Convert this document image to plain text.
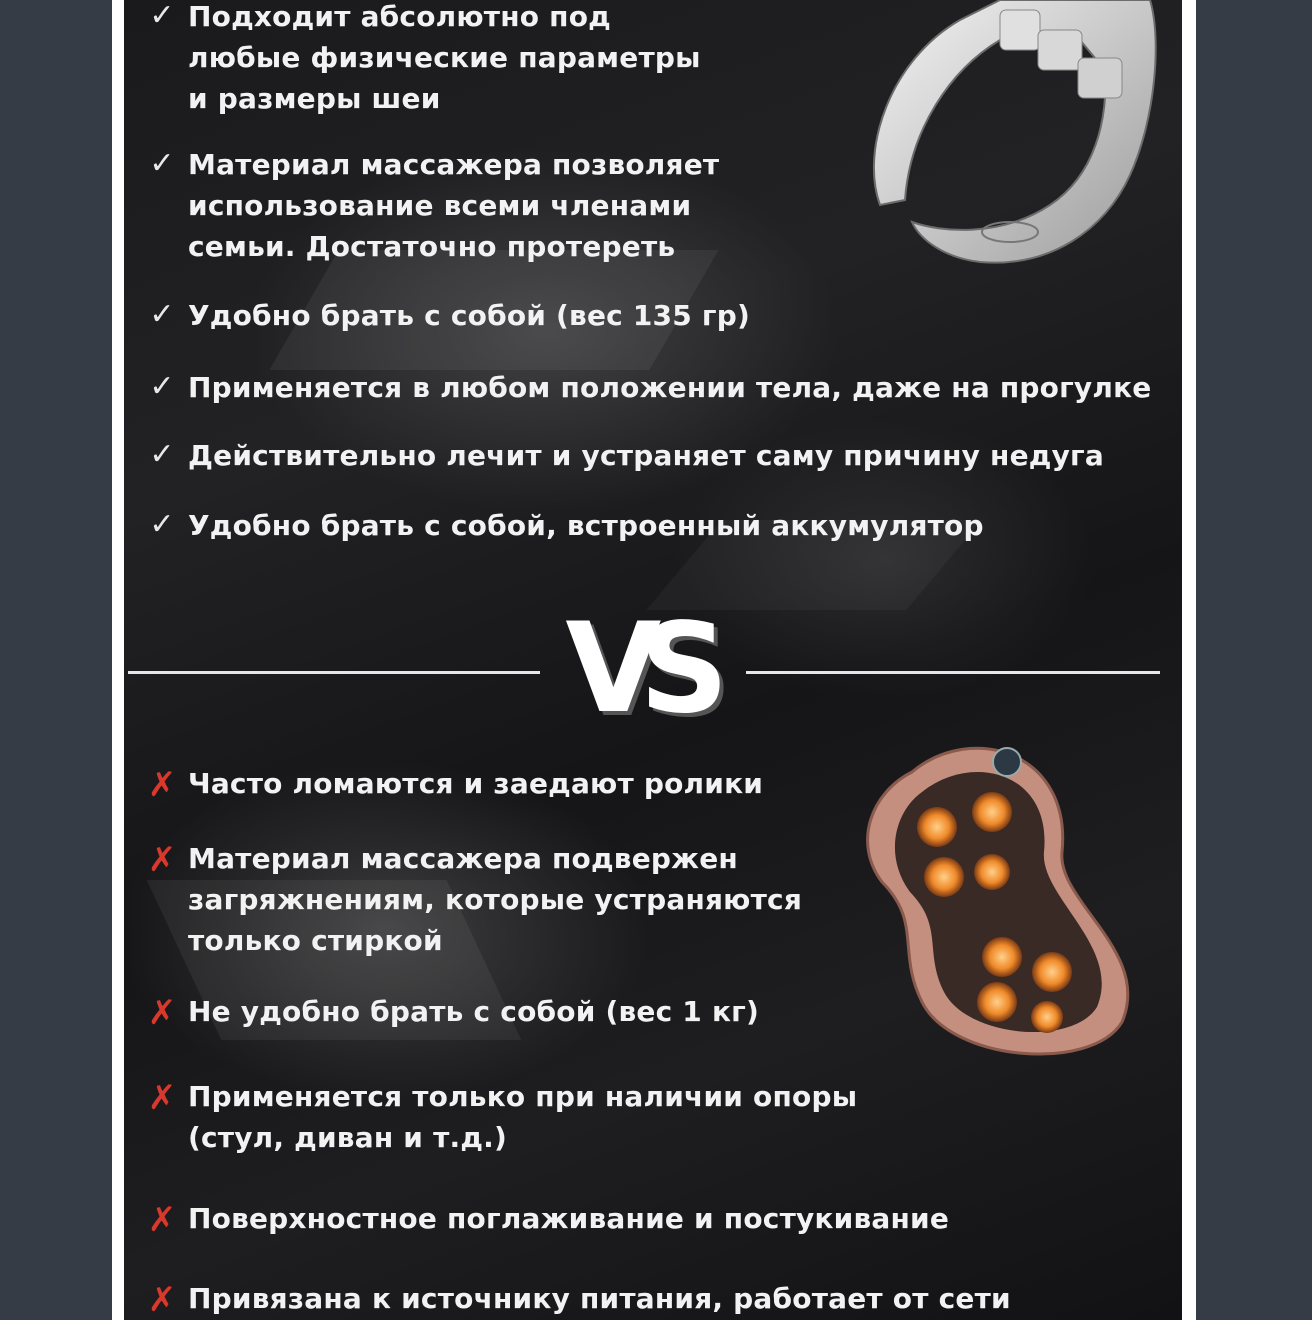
✓ Подходит абсолютно под
любые физические параметры
и размеры шеи
✓ Материал массажера позволяет
использование всеми членами
семьи. Достаточно протереть
✓ Удобно брать с собой (вес 135 гр)
✓ Применяется в любом положении тела, даже на прогулке
✓ Действительно лечит и устраняет саму причину недуга
✓ Удобно брать с собой, встроенный аккумулятор
VS
✗ Часто ломаются и заедают ролики
✗ Материал массажера подвержен
загряжнениям, которые устраняются
только стиркой
✗ Не удобно брать с собой (вес 1 кг)
✗ Применяется только при наличии опоры
(стул, диван и т.д.)
✗ Поверхностное поглаживание и постукивание
✗ Привязана к источнику питания, работает от сети
